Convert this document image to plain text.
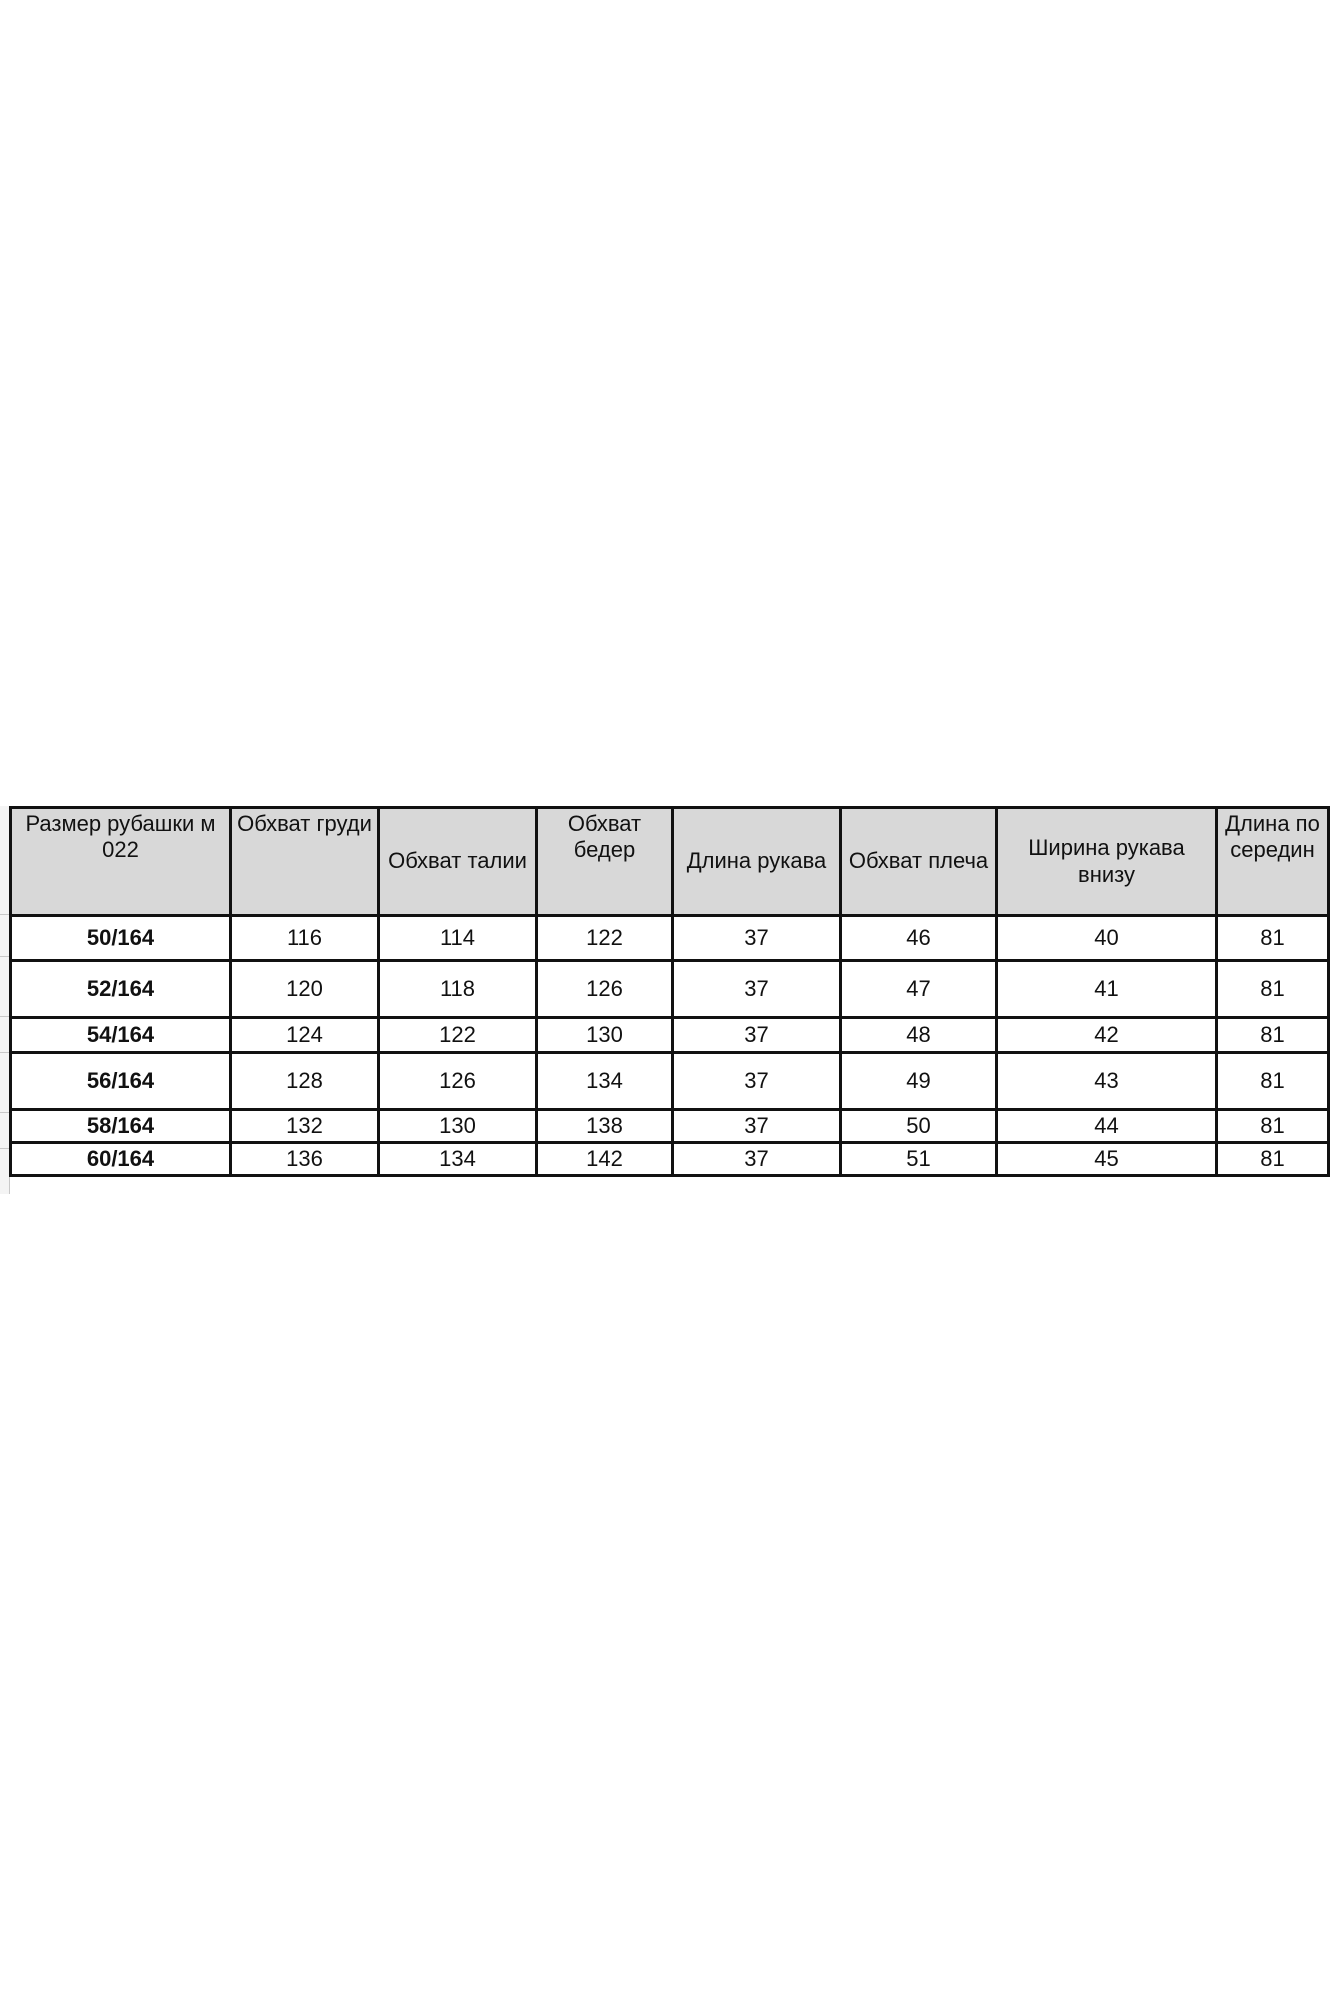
Размер рубашки м 022	Обхват груди	Обхват талии	Обхват бедер	Длина рукава	Обхват плеча	Ширина рукава внизу	Длина по середин
50/164	116	114	122	37	46	40	81
52/164	120	118	126	37	47	41	81
54/164	124	122	130	37	48	42	81
56/164	128	126	134	37	49	43	81
58/164	132	130	138	37	50	44	81
60/164	136	134	142	37	51	45	81
